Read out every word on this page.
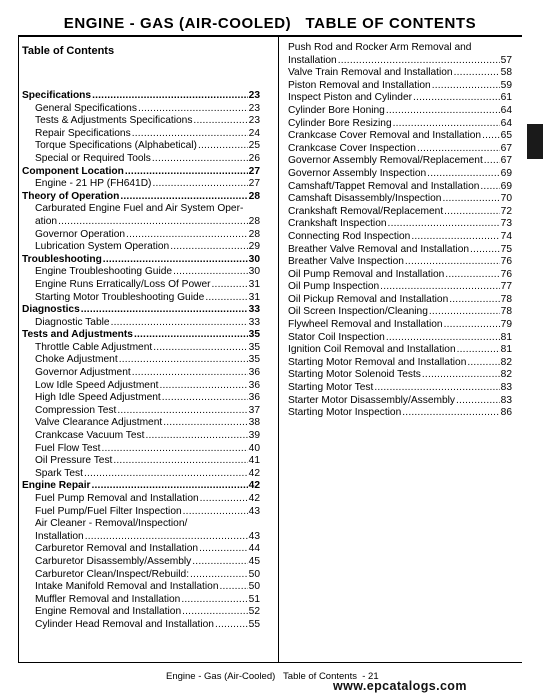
ENGINE - GAS (AIR-COOLED)   TABLE OF CONTENTS
Table of Contents
Specifications .....	23
General Specifications .....	23
Tests & Adjustments Specifications .....	23
Repair Specifications .....	24
Torque Specifications (Alphabetical) .....	25
Special or Required Tools .....	26
Component Location .....	27
Engine - 21 HP (FH641D) .....	27
Theory of Operation .....	28
Carburated Engine Fuel and Air System Oper-
ation .....	28
Governor Operation .....	28
Lubrication System Operation .....	29
Troubleshooting .....	30
Engine Troubleshooting Guide .....	30
Engine Runs Erratically/Loss Of Power .....	31
Starting Motor Troubleshooting Guide .....	31
Diagnostics .....	33
Diagnostic Table .....	33
Tests and Adjustments .....	35
Throttle Cable Adjustment .....	35
Choke Adjustment .....	35
Governor Adjustment .....	36
Low Idle Speed Adjustment .....	36
High Idle Speed Adjustment .....	36
Compression Test .....	37
Valve Clearance Adjustment .....	38
Crankcase Vacuum Test .....	39
Fuel Flow Test .....	40
Oil Pressure Test .....	41
Spark Test .....	42
Engine Repair .....	42
Fuel Pump Removal and Installation .....	42
Fuel Pump/Fuel Filter Inspection .....	43
Air Cleaner - Removal/Inspection/
Installation .....	43
Carburetor Removal and Installation .....	44
Carburetor Disassembly/Assembly .....	45
Carburetor Clean/Inspect/Rebuild: .....	50
Intake Manifold Removal and Installation .....	50
Muffler Removal and Installation .....	51
Engine Removal and Installation .....	52
Cylinder Head Removal and Installation .....	55
Push Rod and Rocker Arm Removal and
Installation .....	57
Valve Train Removal and Installation .....	58
Piston Removal and Installation .....	59
Inspect Piston and Cylinder .....	61
Cylinder Bore Honing .....	64
Cylinder Bore Resizing .....	64
Crankcase Cover Removal and Installation ..... 65
Crankcase Cover Inspection .....	67
Governor Assembly Removal/Replacement ..... 67
Governor Assembly Inspection .....	69
Camshaft/Tappet Removal and Installation ..... 69
Camshaft Disassembly/Inspection .....	70
Crankshaft Removal/Replacement .....	72
Crankshaft Inspection .....	73
Connecting Rod Inspection .....	74
Breather Valve Removal and Installation .....	75
Breather Valve Inspection .....	76
Oil Pump Removal and Installation .....	76
Oil Pump Inspection .....	77
Oil Pickup Removal and Installation .....	78
Oil Screen Inspection/Cleaning .....	78
Flywheel Removal and Installation .....	79
Stator Coil Inspection .....	81
Ignition Coil Removal and Installation .....	81
Starting Motor Removal and Installation .....	82
Starting Motor Solenoid Tests .....	82
Starting Motor Test .....	83
Starter Motor Disassembly/Assembly .....	83
Starting Motor Inspection .....	86
Engine - Gas (Air-Cooled)   Table of Contents  - 21
www.epcatalogs.com
